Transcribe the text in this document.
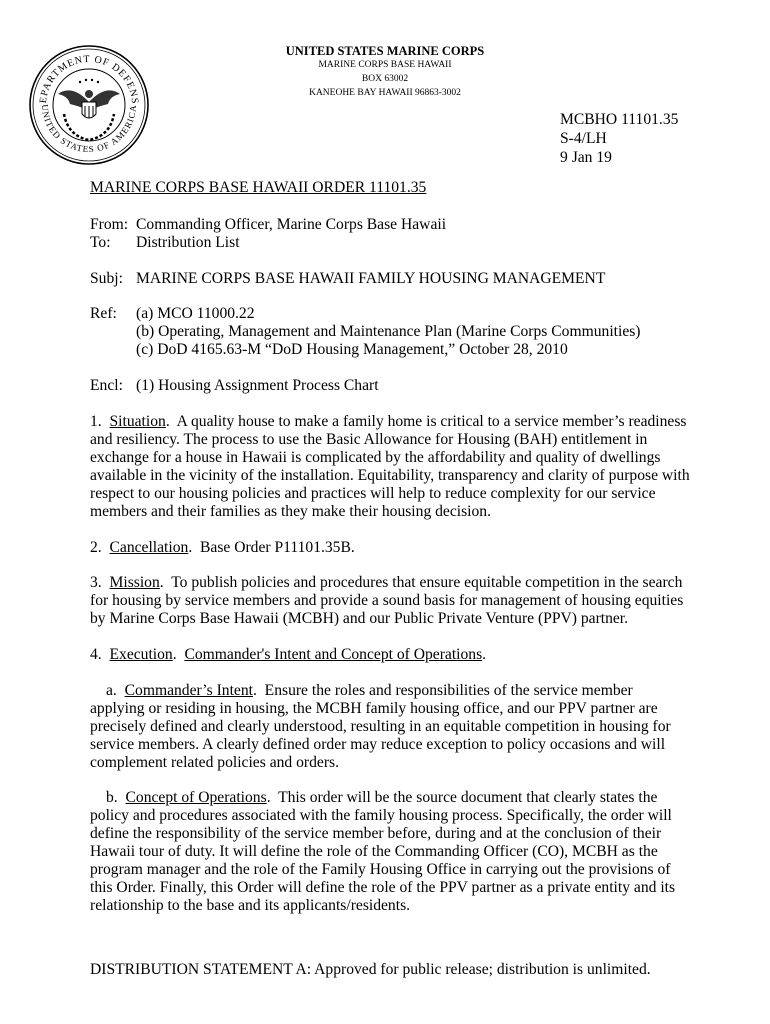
EPARTMENT OF DEFENS
UNITED STATES OF AMERICA
UNITED STATES MARINE CORPS
MARINE CORPS BASE HAWAII
BOX 63002
KANEOHE BAY HAWAII 96863-3002
MCBHO 11101.35
S-4/LH
9 Jan 19
MARINE CORPS BASE HAWAII ORDER 11101.35
From: Commanding Officer, Marine Corps Base Hawaii
To:	Distribution List
Subj: MARINE CORPS BASE HAWAII FAMILY HOUSING MANAGEMENT
Ref:	(a) MCO 11000.22
(b) Operating, Management and Maintenance Plan (Marine Corps Communities)
(c) DoD 4165.63-M “DoD Housing Management,” October 28, 2010
Encl: (1) Housing Assignment Process Chart
1. Situation.  A quality house to make a family home is critical to a service member’s readiness and resiliency. The process to use the Basic Allowance for Housing (BAH) entitlement in exchange for a house in Hawaii is complicated by the affordability and quality of dwellings available in the vicinity of the installation. Equitability, transparency and clarity of purpose with respect to our housing policies and practices will help to reduce complexity for our service members and their families as they make their housing decision.
2. Cancellation.  Base Order P11101.35B.
3. Mission.  To publish policies and procedures that ensure equitable competition in the search for housing by service members and provide a sound basis for management of housing equities by Marine Corps Base Hawaii (MCBH) and our Public Private Venture (PPV) partner.
4. Execution.  Commander's Intent and Concept of Operations.
a. Commander’s Intent.  Ensure the roles and responsibilities of the service member applying or residing in housing, the MCBH family housing office, and our PPV partner are precisely defined and clearly understood, resulting in an equitable competition in housing for service members. A clearly defined order may reduce exception to policy occasions and will complement related policies and orders.
b. Concept of Operations.  This order will be the source document that clearly states the policy and procedures associated with the family housing process. Specifically, the order will define the responsibility of the service member before, during and at the conclusion of their Hawaii tour of duty. It will define the role of the Commanding Officer (CO), MCBH as the program manager and the role of the Family Housing Office in carrying out the provisions of this Order. Finally, this Order will define the role of the PPV partner as a private entity and its relationship to the base and its applicants/residents.
DISTRIBUTION STATEMENT A: Approved for public release; distribution is unlimited.
